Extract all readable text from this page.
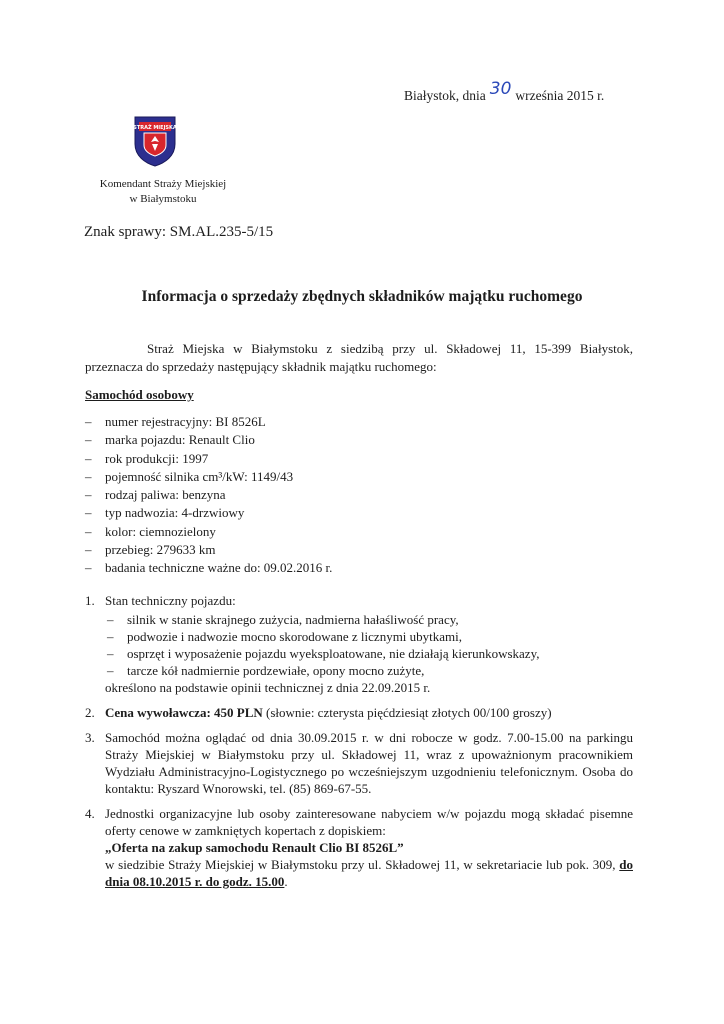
Białystok, dnia 30 września 2015 r.
STRAŻ MIEJSKA
Komendant Straży Miejskiej
w Białymstoku
Znak sprawy: SM.AL.235-5/15
Informacja o sprzedaży zbędnych składników majątku ruchomego
Straż Miejska w Białymstoku z siedzibą przy ul. Składowej 11, 15-399 Białystok,
przeznacza do sprzedaży następujący składnik majątku ruchomego:
Samochód osobowy
– numer rejestracyjny: BI 8526L
– marka pojazdu: Renault Clio
– rok produkcji: 1997
– pojemność silnika cm³/kW: 1149/43
– rodzaj paliwa: benzyna
– typ nadwozia: 4-drzwiowy
– kolor: ciemnozielony
– przebieg: 279633 km
– badania techniczne ważne do: 09.02.2016 r.
1. Stan techniczny pojazdu:
– silnik w stanie skrajnego zużycia, nadmierna hałaśliwość pracy,
– podwozie i nadwozie mocno skorodowane z licznymi ubytkami,
– osprzęt i wyposażenie pojazdu wyeksploatowane, nie działają kierunkowskazy,
– tarcze kół nadmiernie pordzewiałe, opony mocno zużyte,
określono na podstawie opinii technicznej z dnia 22.09.2015 r.
2. Cena wywoławcza: 450 PLN (słownie: czterysta pięćdziesiąt złotych 00/100 groszy)
3. Samochód można oglądać od dnia 30.09.2015 r. w dni robocze w godz. 7.00-15.00 na parkingu Straży Miejskiej w Białymstoku przy ul. Składowej 11, wraz z upoważnionym pracownikiem Wydziału Administracyjno-Logistycznego po wcześniejszym uzgodnieniu telefonicznym. Osoba do kontaktu: Ryszard Wnorowski, tel. (85) 869-67-55.
4. Jednostki organizacyjne lub osoby zainteresowane nabyciem w/w pojazdu mogą składać pisemne oferty cenowe w zamkniętych kopertach z dopiskiem:
„Oferta na zakup samochodu Renault Clio BI 8526L”
w siedzibie Straży Miejskiej w Białymstoku przy ul. Składowej 11, w sekretariacie lub pok. 309, do dnia 08.10.2015 r. do godz. 15.00.
